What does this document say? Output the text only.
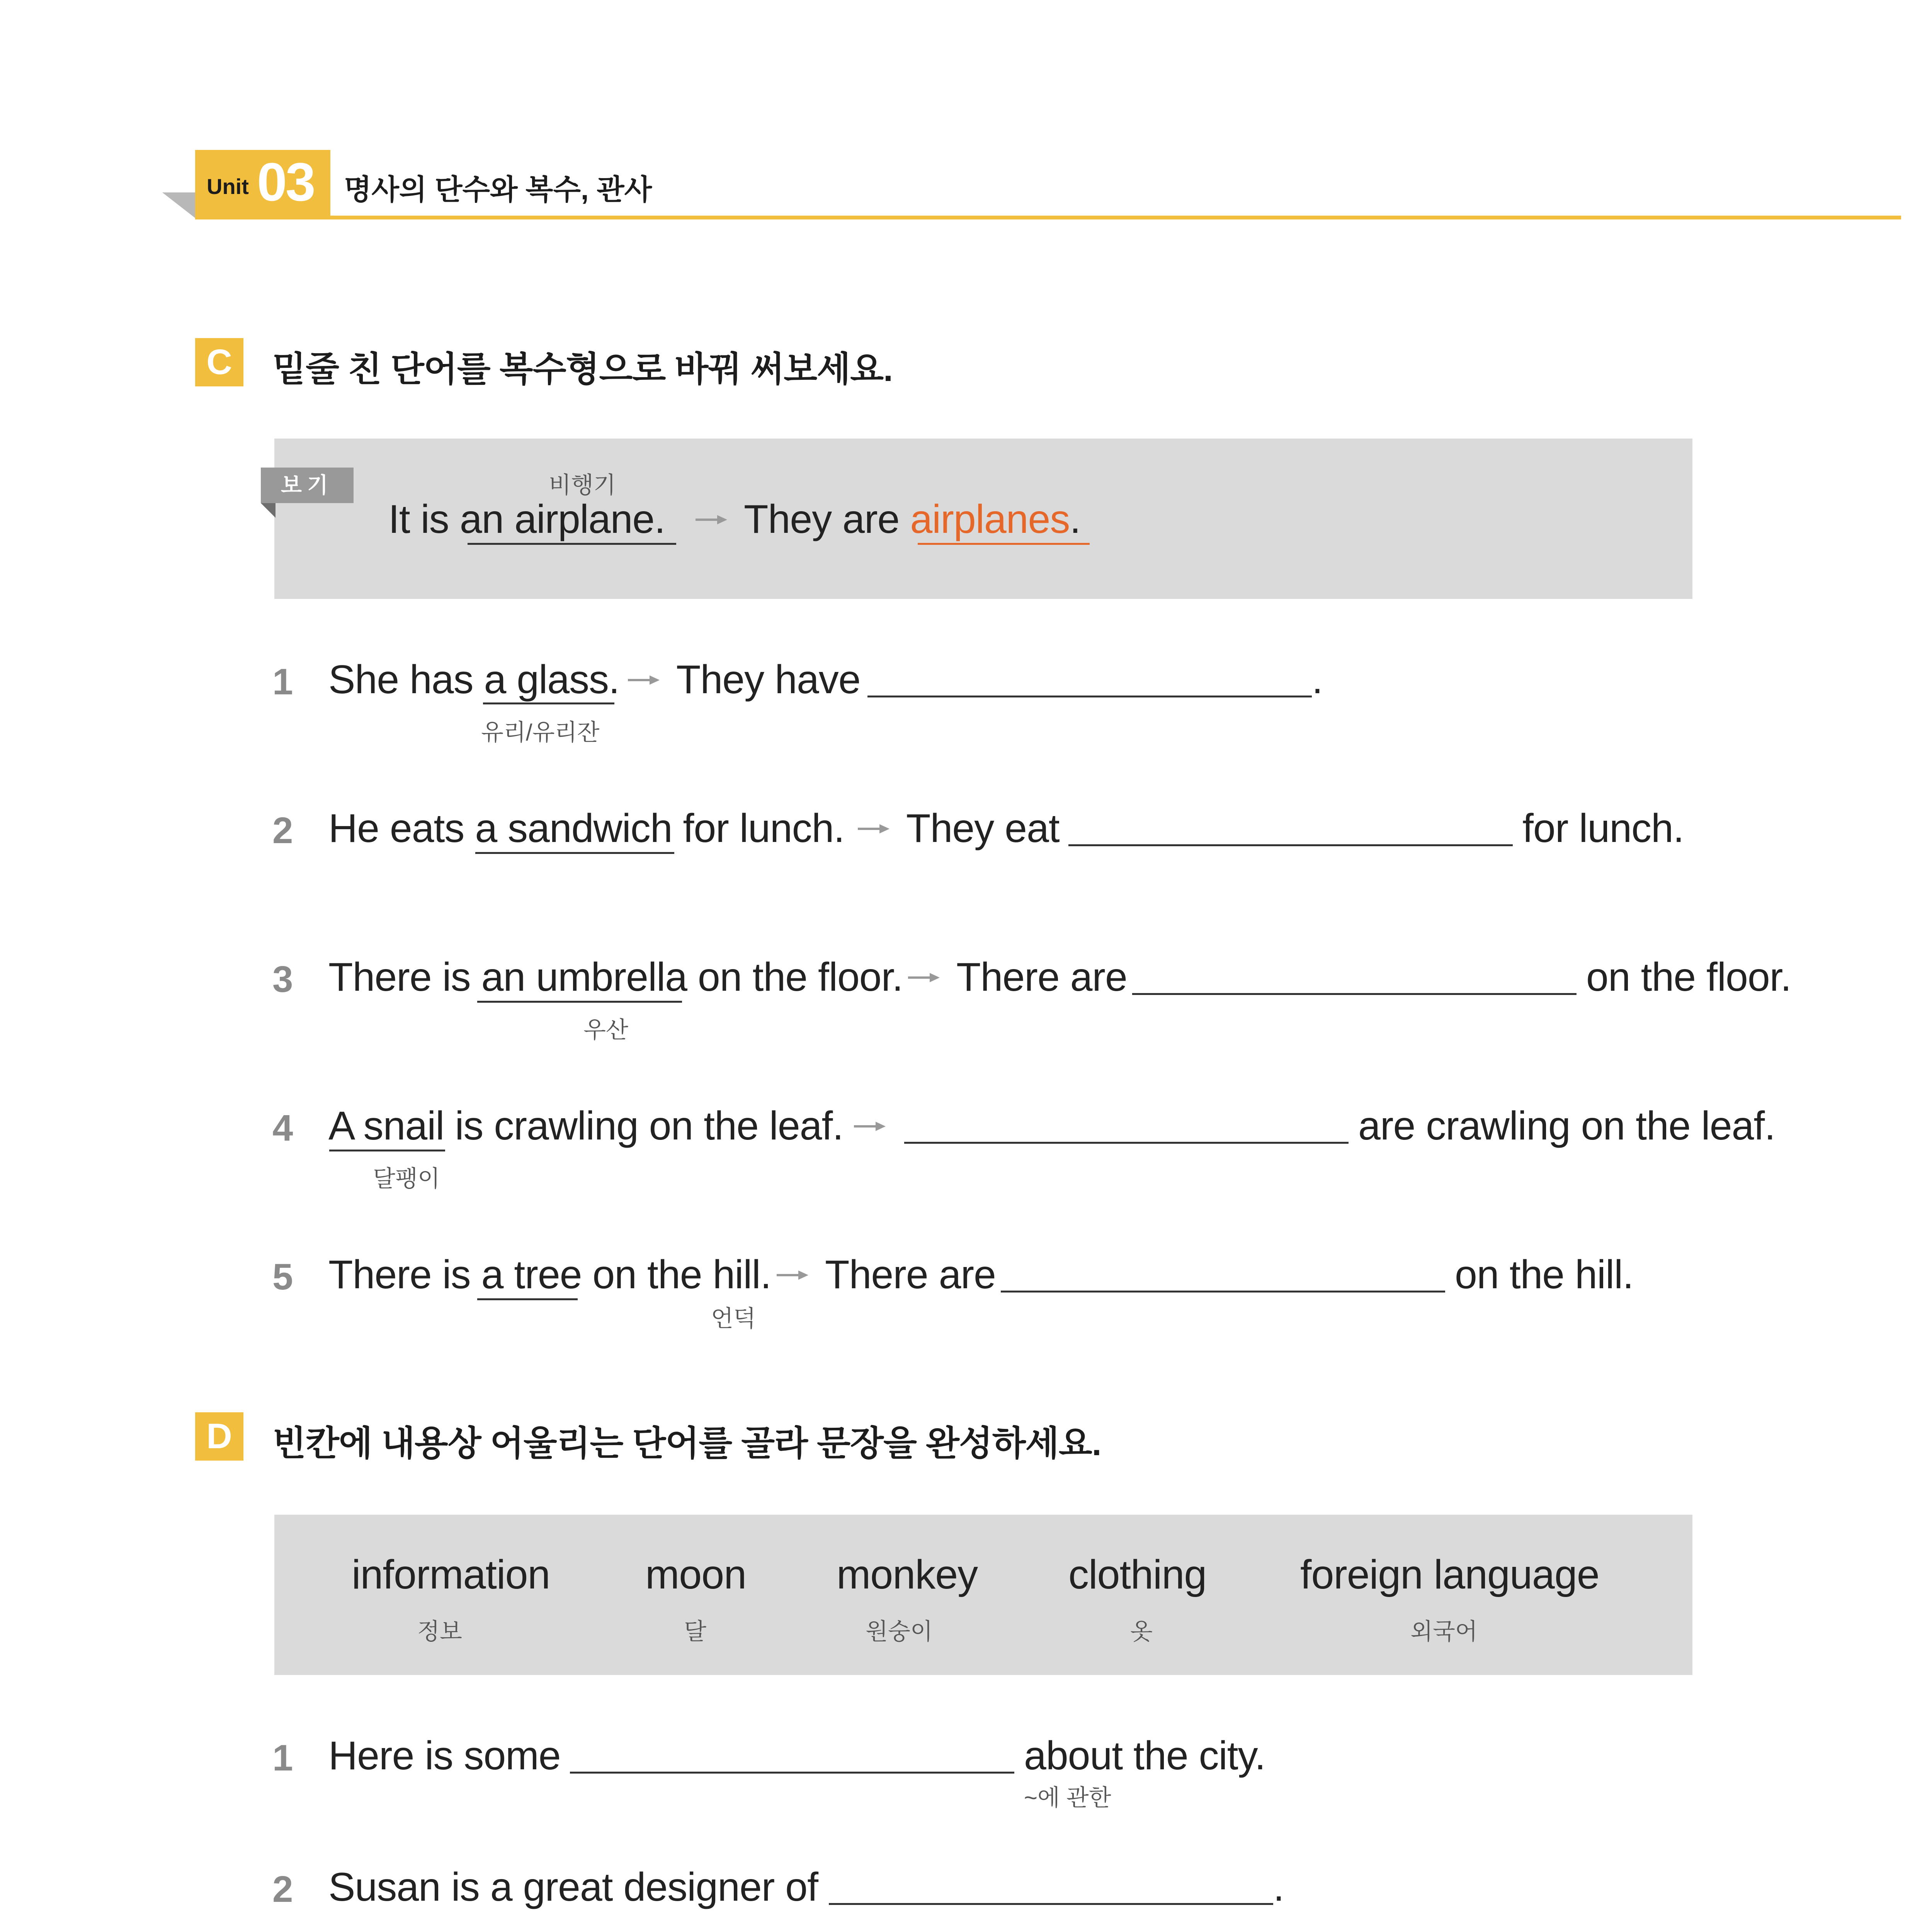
Unit 03 명사의 단수와 복수, 관사
C	밑줄 친 단어를 복수형으로 바꿔 써보세요.
보기	비행기
It is an airplane. They are airplanes.
1 She has a glass. They have	.
유리/유리잔
2 He eats a sandwich for lunch. They eat	for lunch.
3 There is an umbrella on the floor. There are	on the floor.
우산
4 A snail is crawling on the leaf.	are crawling on the leaf.
달팽이
5 There is a tree on the hill. There are	on the hill.
언덕
D	빈칸에 내용상 어울리는 단어를 골라 문장을 완성하세요.
information
정보
moon
달
monkey
원숭이
clothing
옷
foreign language
외국어
1 Here is some	about the city.
~에 관한
2 Susan is a great designer of	.
